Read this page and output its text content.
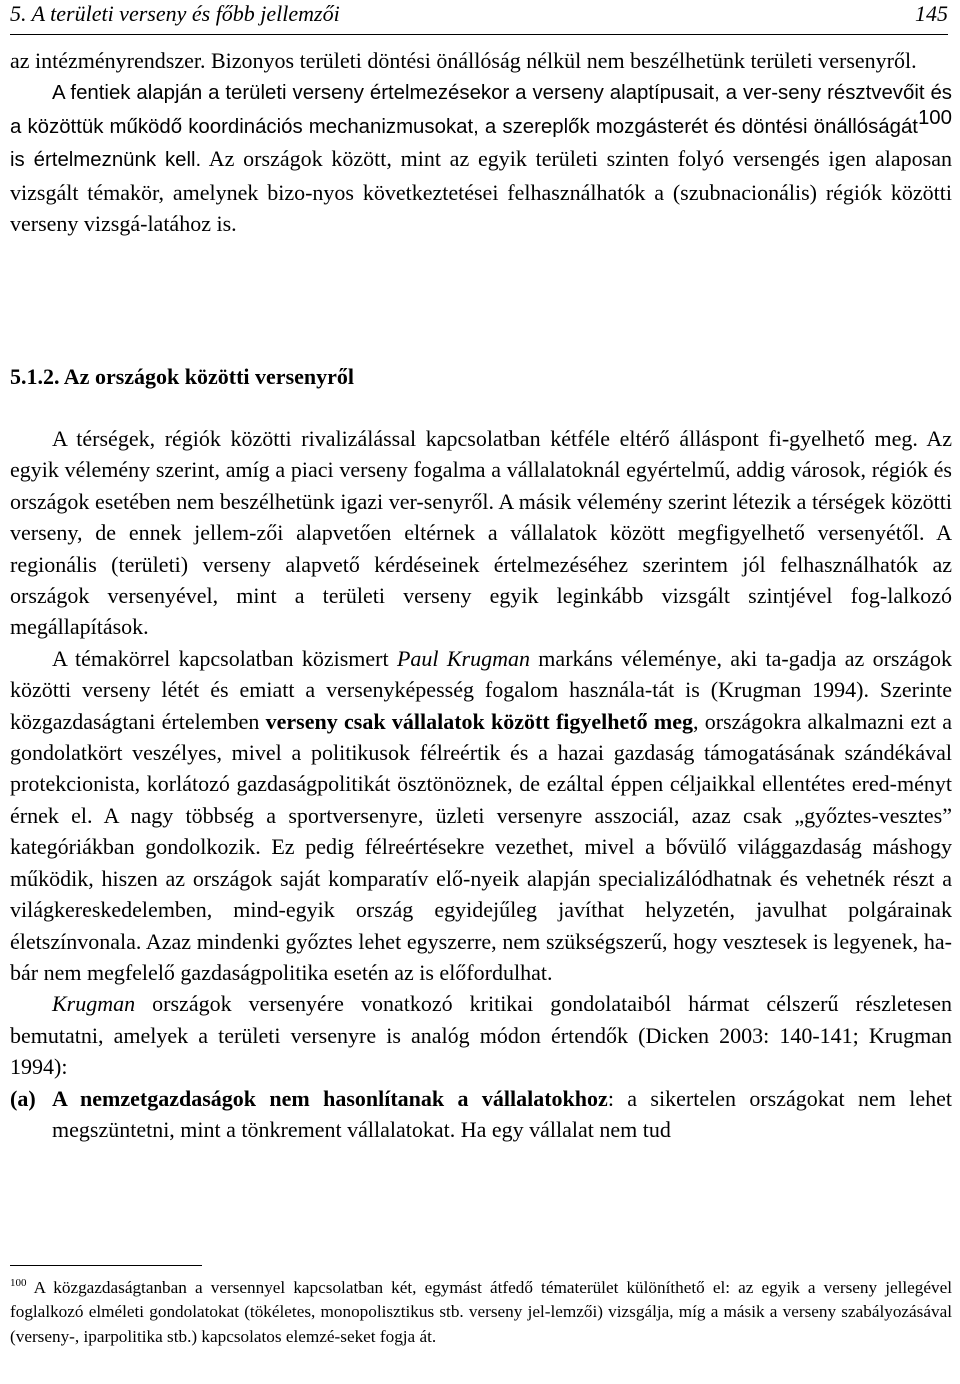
5. A területi verseny és főbb jellemzői	145

az intézményrendszer. Bizonyos területi döntési önállóság nélkül nem beszélhetünk területi versenyről.

A fentiek alapján a területi verseny értelmezésekor a verseny alaptípusait, a ver-seny résztvevőit és a közöttük működő koordinációs mechanizmusokat, a szereplők mozgásterét és döntési önállóságát$^{100}$ is értelmeznünk kell. Az országok között, mint az egyik területi szinten folyó versengés igen alaposan vizsgált témakör, amelynek bizo-nyos következtetései felhasználhatók a (szubnacionális) régiók közötti verseny vizsgá-latához is.

5.1.2. Az országok közötti versenyről

A térségek, régiók közötti rivalizálással kapcsolatban kétféle eltérő álláspont fi-gyelhető meg. Az egyik vélemény szerint, amíg a piaci verseny fogalma a vállalatoknál egyértelmű, addig városok, régiók és országok esetében nem beszélhetünk igazi ver-senyről. A másik vélemény szerint létezik a térségek közötti verseny, de ennek jellem-zői alapvetően eltérnek a vállalatok között megfigyelhető versenyétől. A regionális (területi) verseny alapvető kérdéseinek értelmezéséhez szerintem jól felhasználhatók az országok versenyével, mint a területi verseny egyik leginkább vizsgált szintjével fog-lalkozó megállapítások.

A témakörrel kapcsolatban közismert Paul Krugman markáns véleménye, aki ta-gadja az országok közötti verseny létét és emiatt a versenyképesség fogalom használa-tát is (Krugman 1994). Szerinte közgazdaságtani értelemben verseny csak vállalatok között figyelhető meg, országokra alkalmazni ezt a gondolatkört veszélyes, mivel a politikusok félreértik és a hazai gazdaság támogatásának szándékával protekcionista, korlátozó gazdaságpolitikát ösztönöznek, de ezáltal éppen céljaikkal ellentétes ered-ményt érnek el. A nagy többség a sportversenyre, üzleti versenyre asszociál, azaz csak „győztes-vesztes” kategóriákban gondolkozik. Ez pedig félreértésekre vezethet, mivel a bővülő világgazdaság máshogy működik, hiszen az országok saját komparatív elő-nyeik alapján specializálódhatnak és vehetnék részt a világkereskedelemben, mind-egyik ország egyidejűleg javíthat helyzetén, javulhat polgárainak életszínvonala. Azaz mindenki győztes lehet egyszerre, nem szükségszerű, hogy vesztesek is legyenek, ha-bár nem megfelelő gazdaságpolitika esetén az is előfordulhat.

Krugman országok versenyére vonatkozó kritikai gondolataiból hármat célszerű részletesen bemutatni, amelyek a területi versenyre is analóg módon értendők (Dicken 2003: 140-141; Krugman 1994):

(a) A nemzetgazdaságok nem hasonlítanak a vállalatokhoz: a sikertelen országokat nem lehet megszüntetni, mint a tönkrement vállalatokat. Ha egy vállalat nem tud

$^{100}$ A közgazdaságtanban a versennyel kapcsolatban két, egymást átfedő tématerület különíthető el: az egyik a verseny jellegével foglalkozó elméleti gondolatokat (tökéletes, monopolisztikus stb. verseny jel-lemzői) vizsgálja, míg a másik a verseny szabályozásával (verseny-, iparpolitika stb.) kapcsolatos elemzé-seket fogja át.
